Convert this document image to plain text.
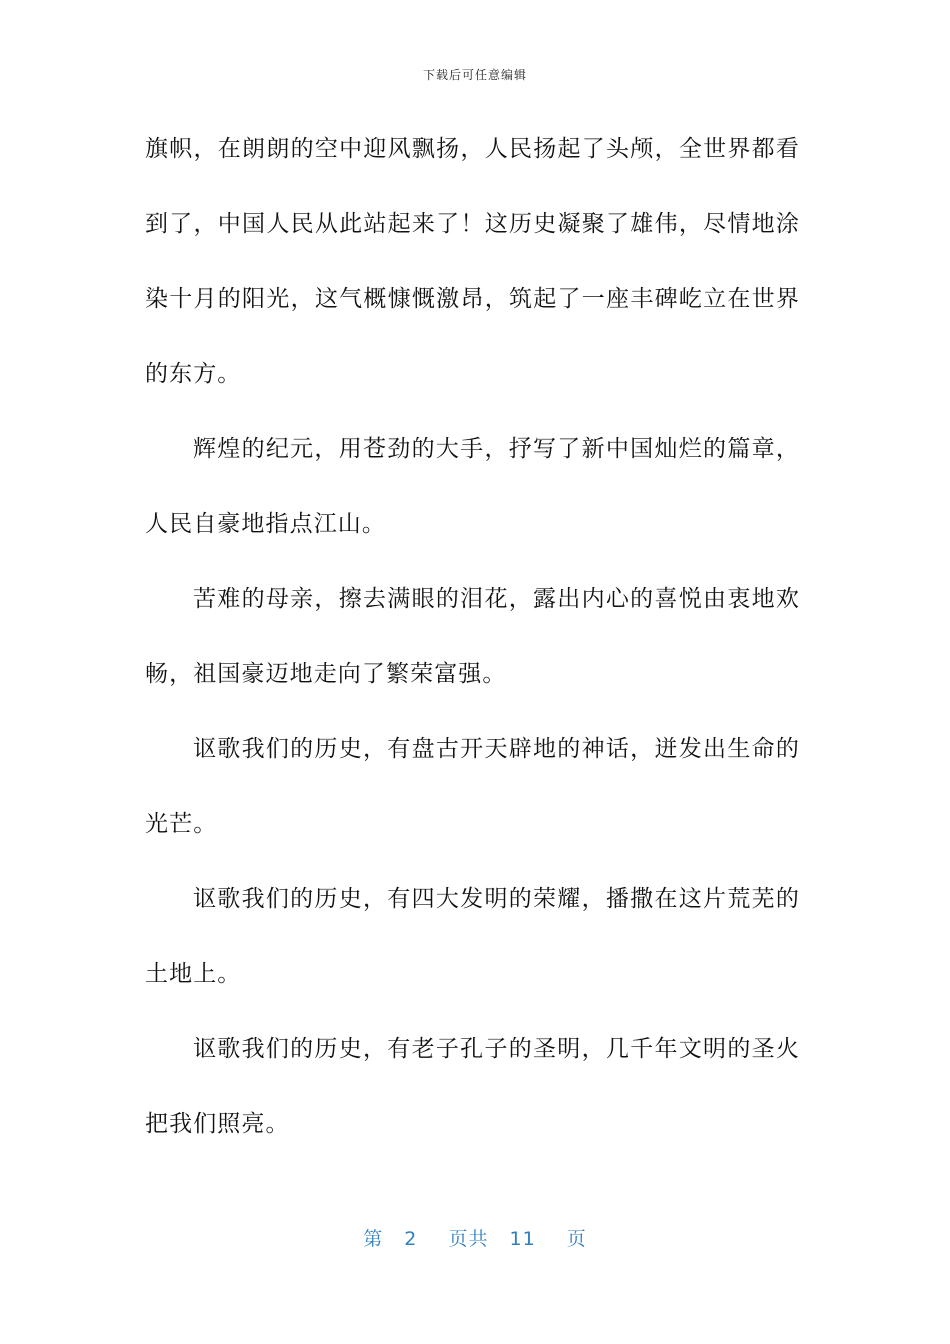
下载后可任意编辑

旗帜，在朗朗的空中迎风飘扬，人民扬起了头颅，全世界都看到了，中国人民从此站起来了！这历史凝聚了雄伟，尽情地涂染十月的阳光，这气概慷慨激昂，筑起了一座丰碑屹立在世界的东方。

辉煌的纪元，用苍劲的大手，抒写了新中国灿烂的篇章，人民自豪地指点江山。

苦难的母亲，擦去满眼的泪花，露出内心的喜悦由衷地欢畅，祖国豪迈地走向了繁荣富强。

讴歌我们的历史，有盘古开天辟地的神话，迸发出生命的光芒。

讴歌我们的历史，有四大发明的荣耀，播撒在这片荒芜的土地上。

讴歌我们的历史，有老子孔子的圣明，几千年文明的圣火把我们照亮。

第 2 页共 11 页
